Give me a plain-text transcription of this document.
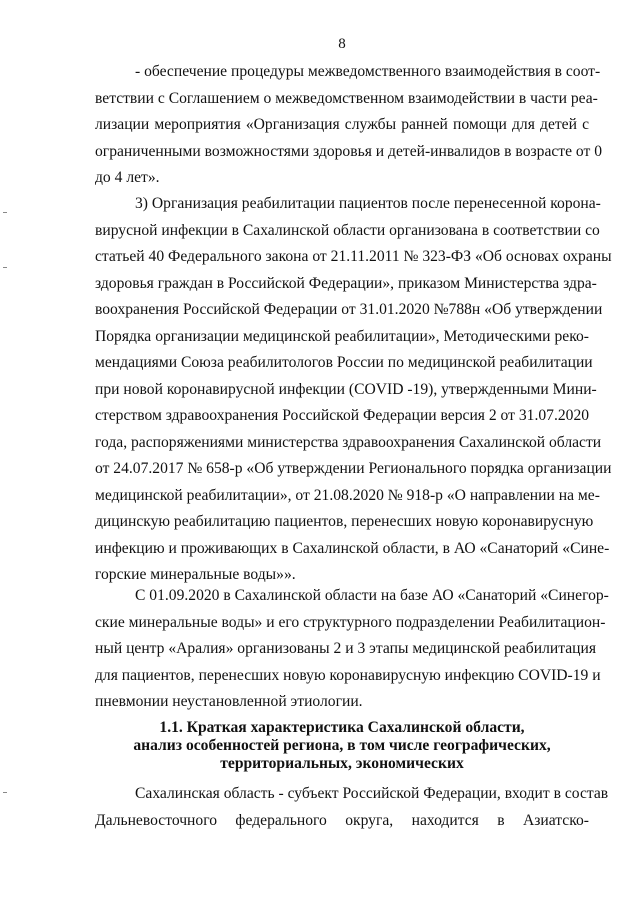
8

- обеспечение процедуры межведомственного взаимодействия в соот-
ветствии с Соглашением о межведомственном взаимодействии в части реа-
лизации мероприятия «Организация службы ранней помощи для детей с
ограниченными возможностями здоровья и детей-инвалидов в возрасте от 0
до 4 лет».

3) Организация реабилитации пациентов после перенесенной корона-
вирусной инфекции в Сахалинской области организована в соответствии со
статьей 40 Федерального закона от 21.11.2011 № 323-ФЗ «Об основах охраны
здоровья граждан в Российской Федерации», приказом Министерства здра-
воохранения Российской Федерации от 31.01.2020 №788н «Об утверждении
Порядка организации медицинской реабилитации», Методическими реко-
мендациями Союза реабилитологов России по медицинской реабилитации
при новой коронавирусной инфекции (COVID -19), утвержденными Мини-
стерством здравоохранения Российской Федерации версия 2 от 31.07.2020
года, распоряжениями министерства здравоохранения Сахалинской области
от 24.07.2017 № 658-р «Об утверждении Регионального порядка организации
медицинской реабилитации», от 21.08.2020 № 918-р «О направлении на ме-
дицинскую реабилитацию пациентов, перенесших новую коронавирусную
инфекцию и проживающих в Сахалинской области, в АО «Санаторий «Сине-
горские минеральные воды»».

С 01.09.2020 в Сахалинской области на базе АО «Санаторий «Синегор-
ские минеральные воды» и его структурного подразделении Реабилитацион-
ный центр «Аралия» организованы 2 и 3 этапы медицинской реабилитация
для пациентов, перенесших новую коронавирусную инфекцию COVID-19 и
пневмонии неустановленной этиологии.

1.1. Краткая характеристика Сахалинской области,
анализ особенностей региона, в том числе географических,
территориальных, экономических

Сахалинская область - субъект Российской Федерации, входит в состав
Дальневосточного федерального округа, находится в Азиатско-
